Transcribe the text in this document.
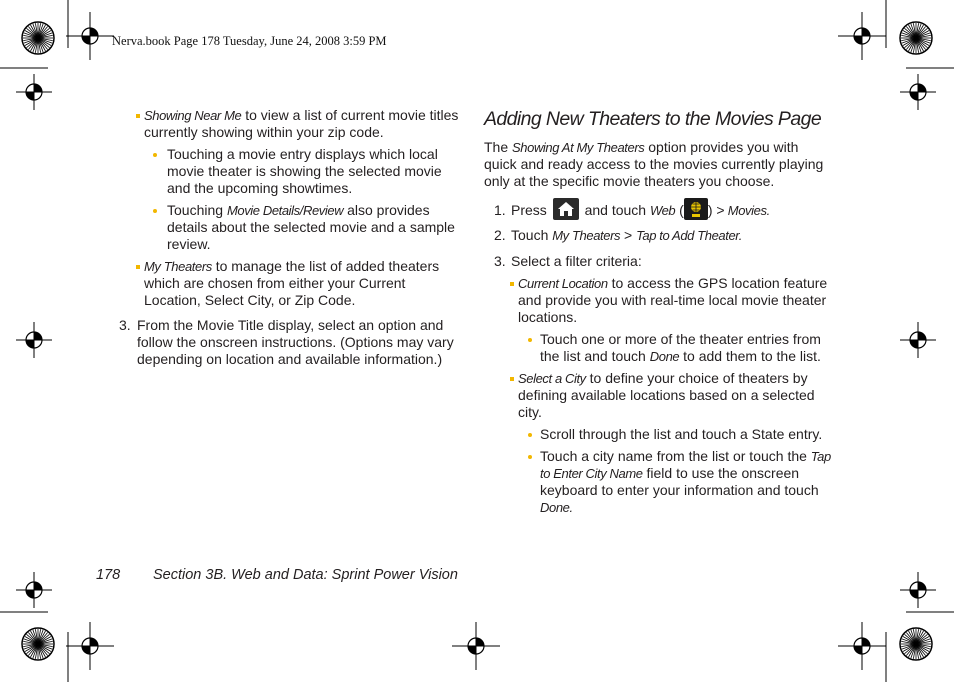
Nerva.book Page 178 Tuesday, June 24, 2008 3:59 PM
Showing Near Me to view a list of current movie titles currently showing within your zip code.
Touching a movie entry displays which local movie theater is showing the selected movie and the upcoming showtimes.
Touching Movie Details/Review also provides details about the selected movie and a sample review.
My Theaters to manage the list of added theaters which are chosen from either your Current Location, Select City, or Zip Code.
3. From the Movie Title display, select an option and follow the onscreen instructions. (Options may vary depending on location and available information.)
Adding New Theaters to the Movies Page

The Showing At My Theaters option provides you with quick and ready access to the movies currently playing only at the specific movie theaters you choose.

1. Press  and touch Web ( ) > Movies.
2. Touch My Theaters > Tap to Add Theater.
3. Select a filter criteria:
Current Location to access the GPS location feature and provide you with real-time local movie theater locations.
Touch one or more of the theater entries from the list and touch Done to add them to the list.
Select a City to define your choice of theaters by defining available locations based on a selected city.
Scroll through the list and touch a State entry.
Touch a city name from the list or touch the Tap to Enter City Name field to use the onscreen keyboard to enter your information and touch Done.
178 Section 3B. Web and Data: Sprint Power Vision
